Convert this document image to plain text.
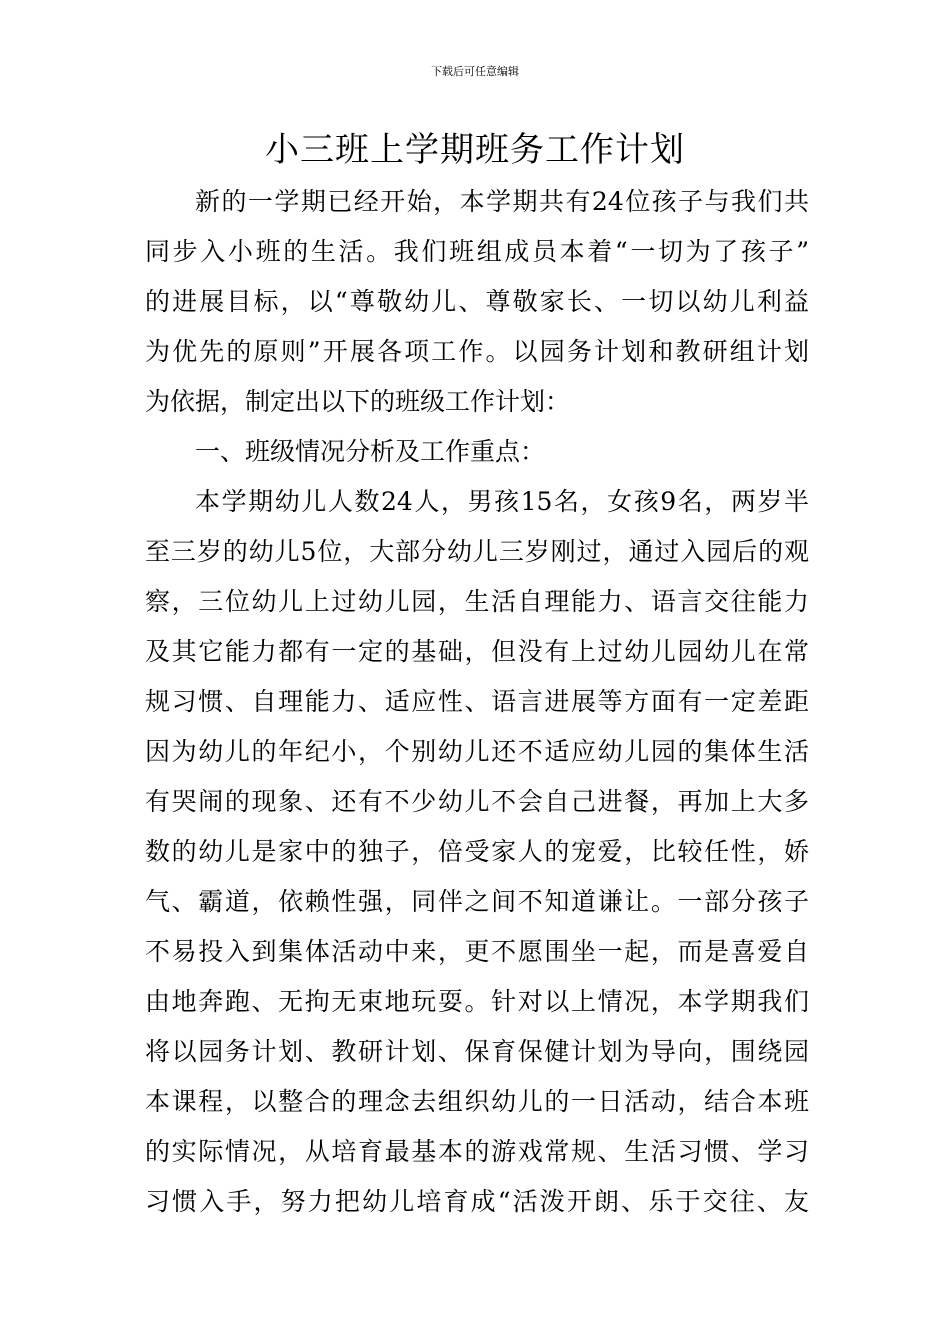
下载后可任意编辑
小三班上学期班务工作计划
新的一学期已经开始，本学期共有24位孩子与我们共
同步入小班的生活。我们班组成员本着“一切为了孩子”
的进展目标，以“尊敬幼儿、尊敬家长、一切以幼儿利益
为优先的原则”开展各项工作。以园务计划和教研组计划
为依据，制定出以下的班级工作计划：
一、班级情况分析及工作重点：
本学期幼儿人数24人，男孩15名，女孩9名，两岁半
至三岁的幼儿5位，大部分幼儿三岁刚过，通过入园后的观
察，三位幼儿上过幼儿园，生活自理能力、语言交往能力
及其它能力都有一定的基础，但没有上过幼儿园幼儿在常
规习惯、自理能力、适应性、语言进展等方面有一定差距
因为幼儿的年纪小，个别幼儿还不适应幼儿园的集体生活
有哭闹的现象、还有不少幼儿不会自己进餐，再加上大多
数的幼儿是家中的独子，倍受家人的宠爱，比较任性，娇
气、霸道，依赖性强，同伴之间不知道谦让。一部分孩子
不易投入到集体活动中来，更不愿围坐一起，而是喜爱自
由地奔跑、无拘无束地玩耍。针对以上情况，本学期我们
将以园务计划、教研计划、保育保健计划为导向，围绕园
本课程，以整合的理念去组织幼儿的一日活动，结合本班
的实际情况，从培育最基本的游戏常规、生活习惯、学习
习惯入手，努力把幼儿培育成“活泼开朗、乐于交往、友
